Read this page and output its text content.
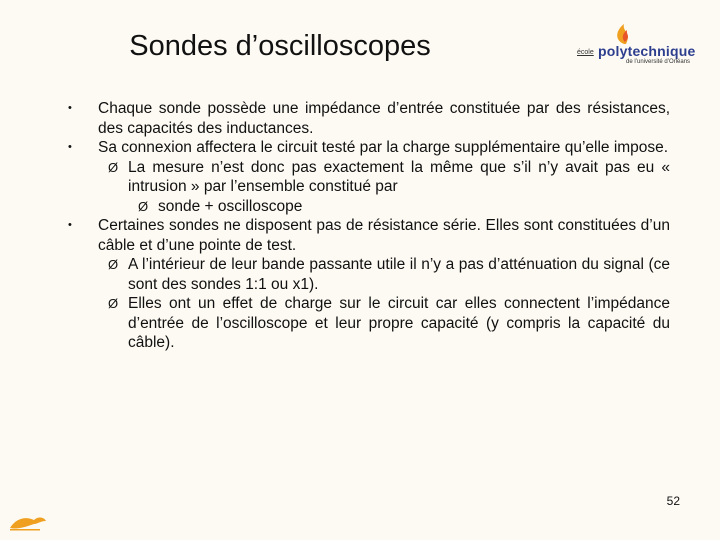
Sondes d’oscilloscopes	école polytechnique
de l’université d’Orléans
• Chaque sonde possède une impédance d’entrée constituée par des résistances, des capacités des inductances.
• Sa connexion affectera le circuit testé par la charge supplémentaire qu’elle impose.
Ø La mesure n’est donc pas exactement la même que s’il n’y avait pas eu « intrusion » par l’ensemble constitué par
Ø sonde + oscilloscope
• Certaines sondes ne disposent pas de résistance série. Elles sont constituées d’un câble et d’une pointe de test.
Ø A l’intérieur de leur bande passante utile il n’y a pas d’atténuation du signal (ce sont des sondes 1:1 ou x1).
Ø Elles ont un effet de charge sur le circuit car elles connectent l’impédance d’entrée de l’oscilloscope et leur propre capacité (y compris la capacité du câble).
52
